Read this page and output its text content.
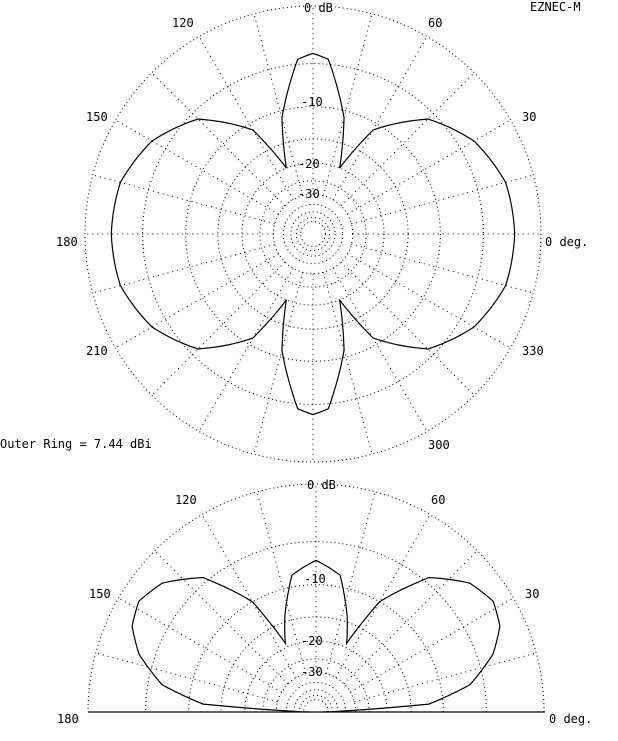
EZNEC-M
0 dB
-10
-20
-30
0 deg.
30
60
120
150
180
210
300
330
Outer Ring = 7.44 dBi
0 dB
-10
-20
-30
0 deg.
30
60
120
150
180
